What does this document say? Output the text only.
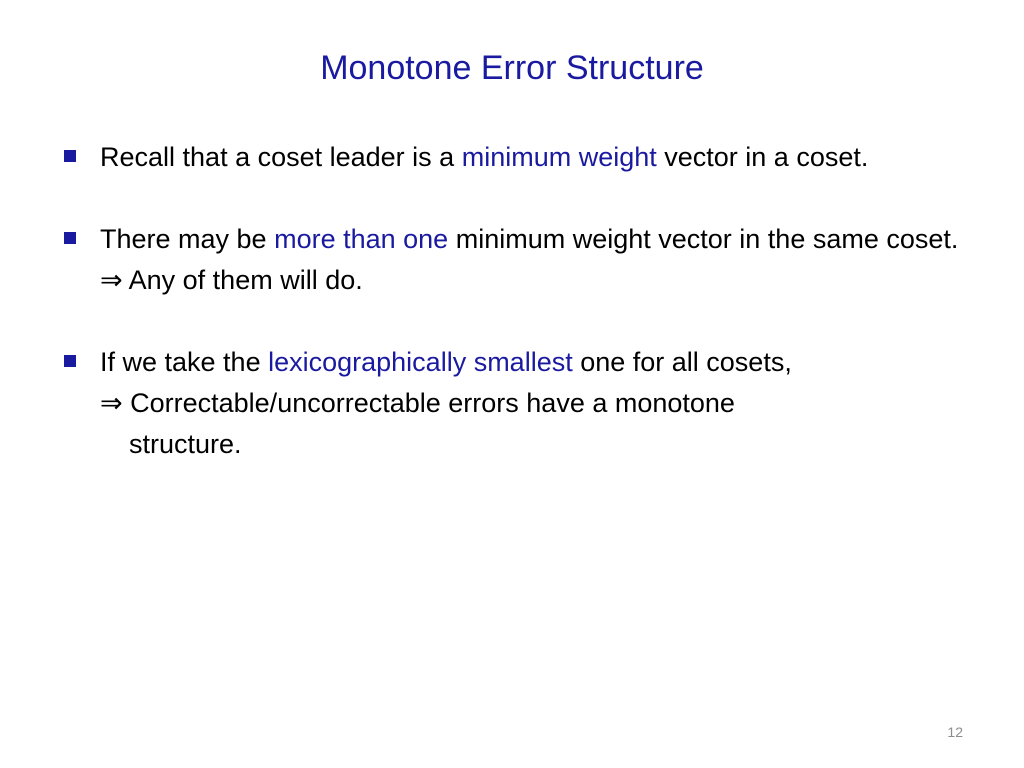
Monotone Error Structure
Recall that a coset leader is a minimum weight vector in a coset.
There may be more than one minimum weight vector in the same coset.
⇒ Any of them will do.
If we take the lexicographically smallest one for all cosets,
⇒ Correctable/uncorrectable errors have a monotone
structure.
12
